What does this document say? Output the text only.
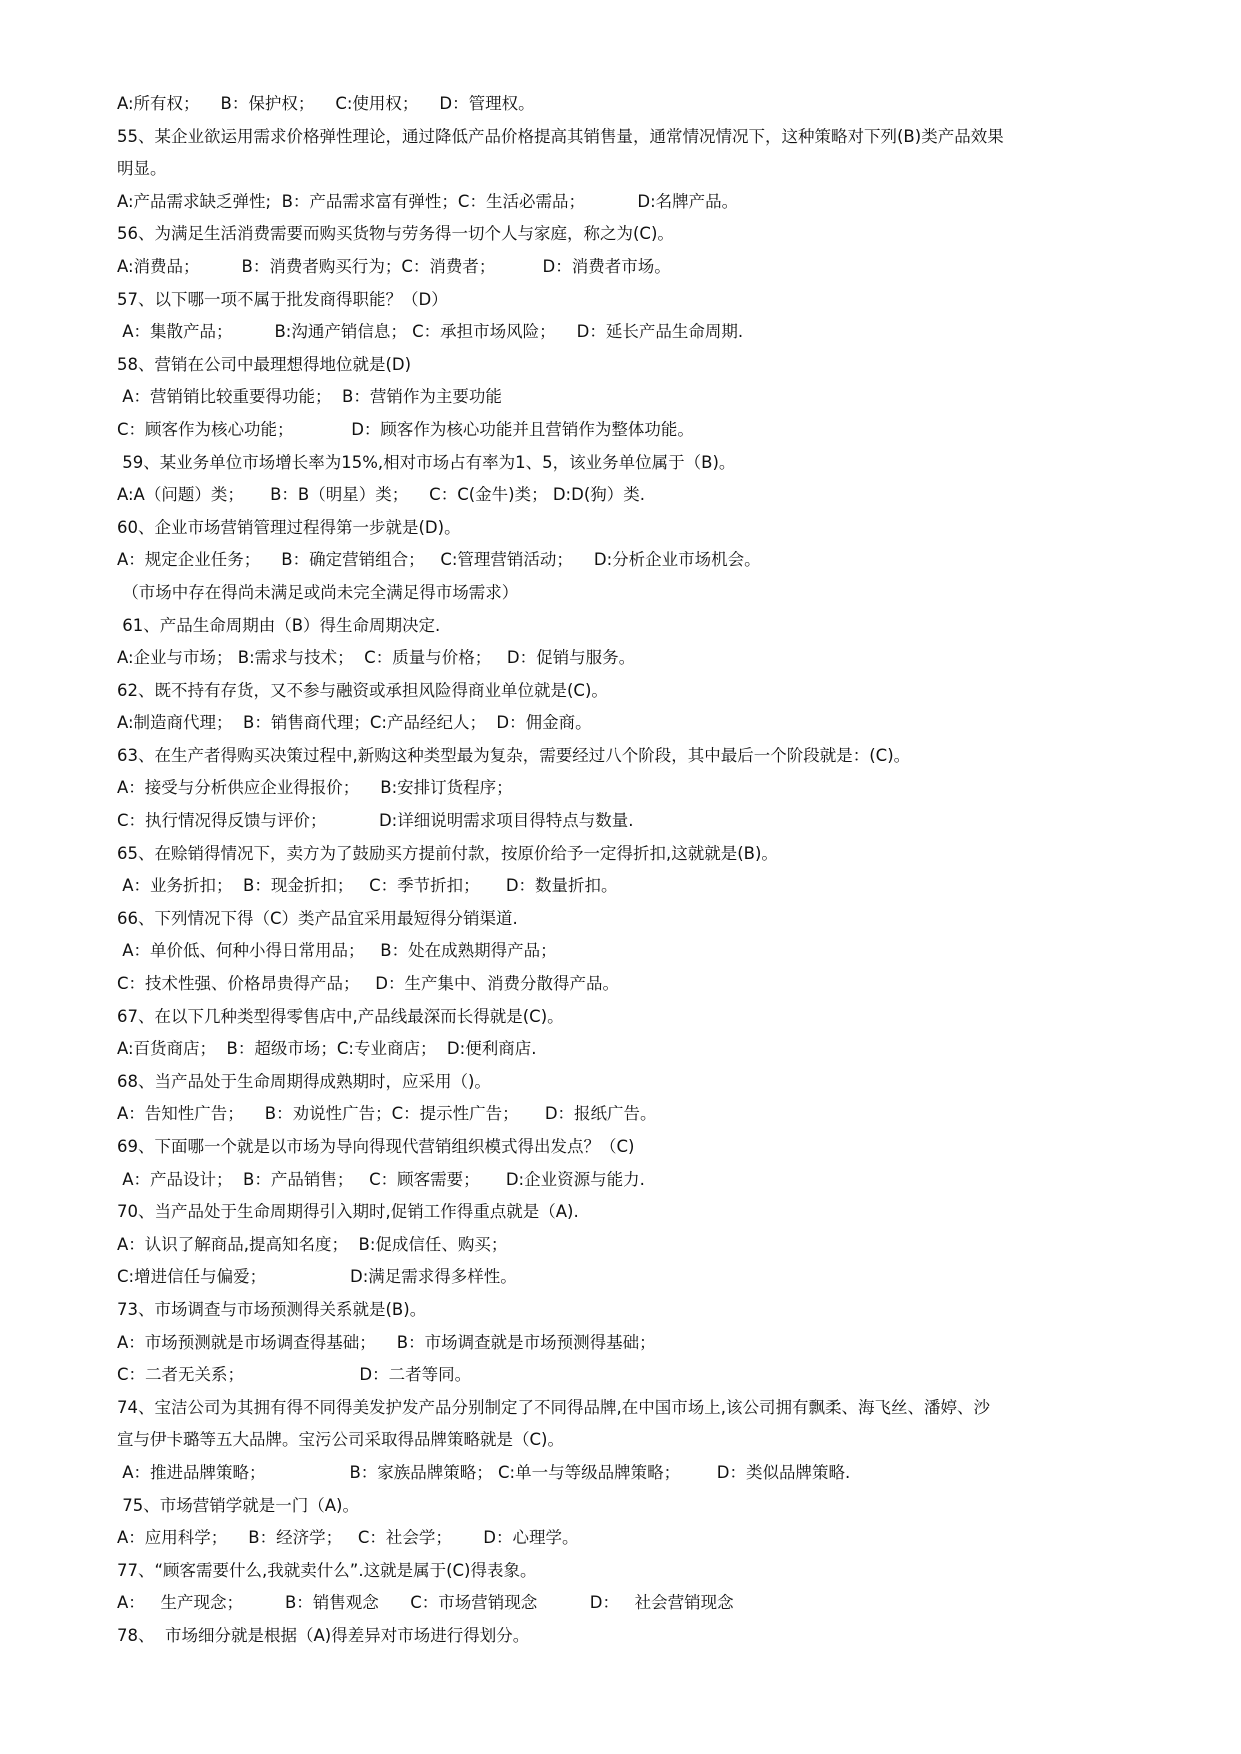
A:所有权；    B：保护权；    C:使用权；    D：管理权。
55、某企业欲运用需求价格弹性理论，通过降低产品价格提高其销售量，通常情况情况下，这种策略对下列(B)类产品效果
明显。
A:产品需求缺乏弹性;  B：产品需求富有弹性；C：生活必需品；          D:名牌产品。
56、为满足生活消费需要而购买货物与劳务得一切个人与家庭，称之为(C)。
A:消费品；        B：消费者购买行为；C：消费者；         D：消费者市场。
57、以下哪一项不属于批发商得职能？（D）
A：集散产品；        B:沟通产销信息； C：承担市场风险；    D：延长产品生命周期.
58、营销在公司中最理想得地位就是(D)
A：营销销比较重要得功能；  B：营销作为主要功能
C：顾客作为核心功能；           D：顾客作为核心功能并且营销作为整体功能。
59、某业务单位市场增长率为15%,相对市场占有率为1、5，该业务单位属于（B)。
A:A（问题）类；     B：B（明星）类；    C：C(金牛)类； D:D(狗）类.
60、企业市场营销管理过程得第一步就是(D)。
A：规定企业任务；    B：确定营销组合；   C:管理营销活动；    D:分析企业市场机会。
（市场中存在得尚未满足或尚未完全满足得市场需求）
61、产品生命周期由（B）得生命周期决定.
A:企业与市场； B:需求与技术；  C：质量与价格；   D：促销与服务。
62、既不持有存货，又不参与融资或承担风险得商业单位就是(C)。
A:制造商代理；  B：销售商代理；C:产品经纪人；  D：佣金商。
63、在生产者得购买决策过程中,新购这种类型最为复杂，需要经过八个阶段，其中最后一个阶段就是：(C)。
A：接受与分析供应企业得报价；    B:安排订货程序；
C：执行情况得反馈与评价；          D:详细说明需求项目得特点与数量.
65、在赊销得情况下，卖方为了鼓励买方提前付款，按原价给予一定得折扣,这就就是(B)。
A：业务折扣；  B：现金折扣；   C：季节折扣；     D：数量折扣。
66、下列情况下得（C）类产品宜采用最短得分销渠道.
A：单价低、何种小得日常用品；   B：处在成熟期得产品；
C：技术性强、价格昂贵得产品；   D：生产集中、消费分散得产品。
67、在以下几种类型得零售店中,产品线最深而长得就是(C)。
A:百货商店；  B：超级市场；C:专业商店；  D:便利商店.
68、当产品处于生命周期得成熟期时，应采用（)。
A：告知性广告；    B：劝说性广告；C：提示性广告；     D：报纸广告。
69、下面哪一个就是以市场为导向得现代营销组织模式得出发点？（C)
A：产品设计；  B：产品销售；   C：顾客需要；     D:企业资源与能力.
70、当产品处于生命周期得引入期时,促销工作得重点就是（A).
A：认识了解商品,提高知名度；  B:促成信任、购买；
C:增进信任与偏爱；                D:满足需求得多样性。
73、市场调查与市场预测得关系就是(B)。
A：市场预测就是市场调查得基础；    B：市场调查就是市场预测得基础；
C：二者无关系；                      D：二者等同。
74、宝洁公司为其拥有得不同得美发护发产品分别制定了不同得品牌,在中国市场上,该公司拥有飘柔、海飞丝、潘婷、沙
宣与伊卡璐等五大品牌。宝污公司采取得品牌策略就是（C)。
A：推进品牌策略；                B：家族品牌策略； C:单一与等级品牌策略；       D：类似品牌策略.
75、市场营销学就是一门（A)。
A：应用科学；    B：经济学；   C：社会学；      D：心理学。
77、“顾客需要什么,我就卖什么”.这就是属于(C)得表象。
A：   生产现念；        B：销售观念      C：市场营销现念          D：   社会营销现念
78、  市场细分就是根据（A)得差异对市场进行得划分。
